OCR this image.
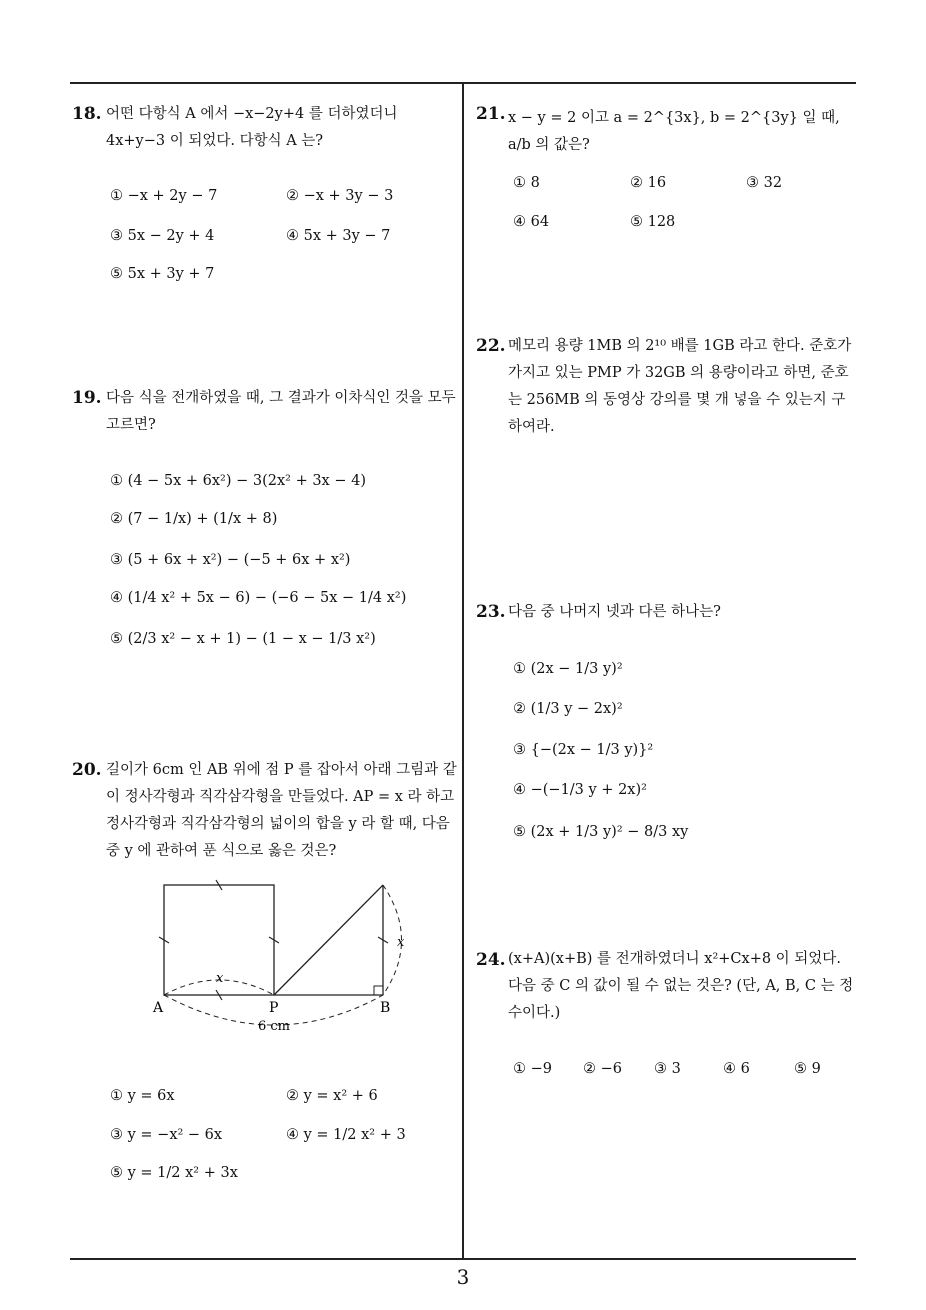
18. 어떤 다항식 A 에서 −x−2y+4 를 더하였더니 4x+y−3 이 되었다. 다항식 A 는?
① −x + 2y − 7	② −x + 3y − 3
③ 5x − 2y + 4	④ 5x + 3y − 7
⑤ 5x + 3y + 7
19. 다음 식을 전개하였을 때, 그 결과가 이차식인 것을 모두 고르면?
① (4 − 5x + 6x²) − 3(2x² + 3x − 4)
② (7 − 1/x) + (1/x + 8)
③ (5 + 6x + x²) − (−5 + 6x + x²)
④ (1/4 x² + 5x − 6) − (−6 − 5x − 1/4 x²)
⑤ (2/3 x² − x + 1) − (1 − x − 1/3 x²)
20. 길이가 6cm 인 AB 위에 점 P 를 잡아서 아래 그림과 같이 정사각형과 직각삼각형을 만들었다. AP = x 라 하고 정사각형과 직각삼각형의 넓이의 합을 y 라 할 때, 다음 중 y 에 관하여 푼 식으로 옳은 것은?
x
x
A	P	B
6 cm
① y = 6x	② y = x² + 6
③ y = −x² − 6x	④ y = 1/2 x² + 3
⑤ y = 1/2 x² + 3x
21. x − y = 2 이고 a = 2^{3x}, b = 2^{3y} 일 때, a/b 의 값은?
① 8	② 16	③ 32
④ 64	⑤ 128
22. 메모리 용량 1MB 의 2¹⁰ 배를 1GB 라고 한다. 준호가 가지고 있는 PMP 가 32GB 의 용량이라고 하면, 준호는 256MB 의 동영상 강의를 몇 개 넣을 수 있는지 구하여라.
23. 다음 중 나머지 넷과 다른 하나는?
① (2x − 1/3 y)²
② (1/3 y − 2x)²
③ {−(2x − 1/3 y)}²
④ −(−1/3 y + 2x)²
⑤ (2x + 1/3 y)² − 8/3 xy
24. (x+A)(x+B) 를 전개하였더니 x²+Cx+8 이 되었다. 다음 중 C 의 값이 될 수 없는 것은? (단, A, B, C 는 정수이다.)
① −9 ② −6 ③ 3	④ 6	⑤ 9
3
